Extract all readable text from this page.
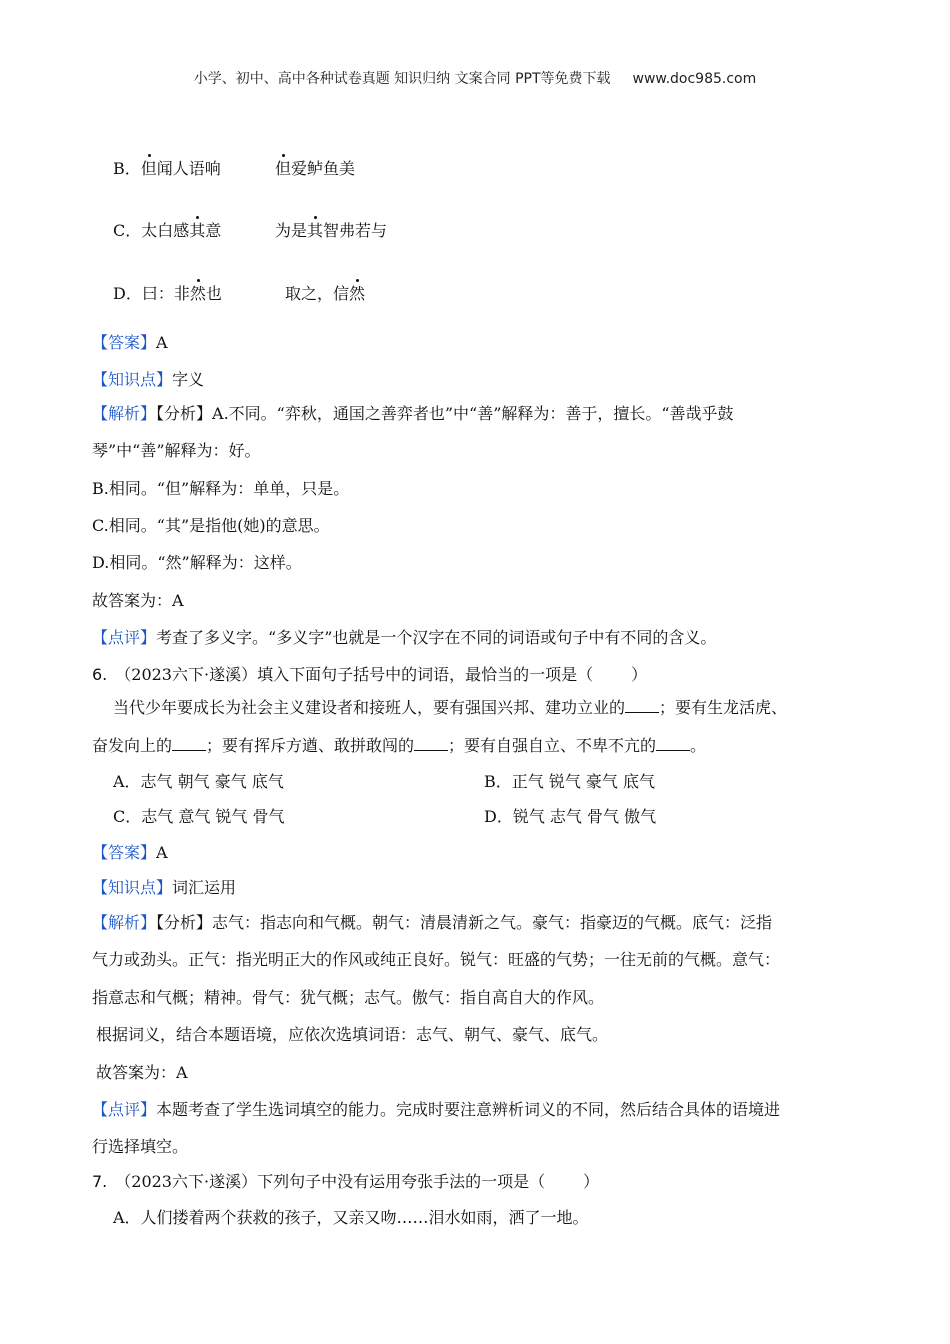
小学、初中、高中各种试卷真题 知识归纳 文案合同 PPT等免费下载 www.doc985.com
B．但闻人语响	但爱鲈鱼美
C．太白感其意	为是其智弗若与
D．曰：非然也	取之，信然
【答案】A
【知识点】字义
【解析】【分析】A.不同。“弈秋，通国之善弈者也”中“善”解释为：善于，擅长。“善哉乎鼓
琴”中“善”解释为：好。
B.相同。“但”解释为：单单，只是。
C.相同。“其”是指他(她)的意思。
D.相同。“然”解释为：这样。
故答案为：A
【点评】考查了多义字。“多义字”也就是一个汉字在不同的词语或句子中有不同的含义。
6. （2023六下·遂溪）填入下面句子括号中的词语，最恰当的一项是（ ）
当代少年要成长为社会主义建设者和接班人，要有强国兴邦、建功立业的 ；要有生龙活虎、
奋发向上的 ；要有挥斥方遒、敢拼敢闯的 ；要有自强自立、不卑不亢的 。
A．志气 朝气 豪气 底气	B．正气 锐气 豪气 底气
C．志气 意气 锐气 骨气	D．锐气 志气 骨气 傲气
【答案】A
【知识点】词汇运用
【解析】【分析】志气：指志向和气概。朝气：清晨清新之气。豪气：指豪迈的气概。底气：泛指
气力或劲头。正气：指光明正大的作风或纯正良好。锐气：旺盛的气势；一往无前的气概。意气：
指意志和气概；精神。骨气：犹气概；志气。傲气：指自高自大的作风。
根据词义，结合本题语境，应依次选填词语：志气、朝气、豪气、底气。
故答案为：A
【点评】本题考查了学生选词填空的能力。完成时要注意辨析词义的不同，然后结合具体的语境进
行选择填空。
7. （2023六下·遂溪）下列句子中没有运用夸张手法的一项是（ ）
A．人们搂着两个获救的孩子，又亲又吻……泪水如雨，洒了一地。
